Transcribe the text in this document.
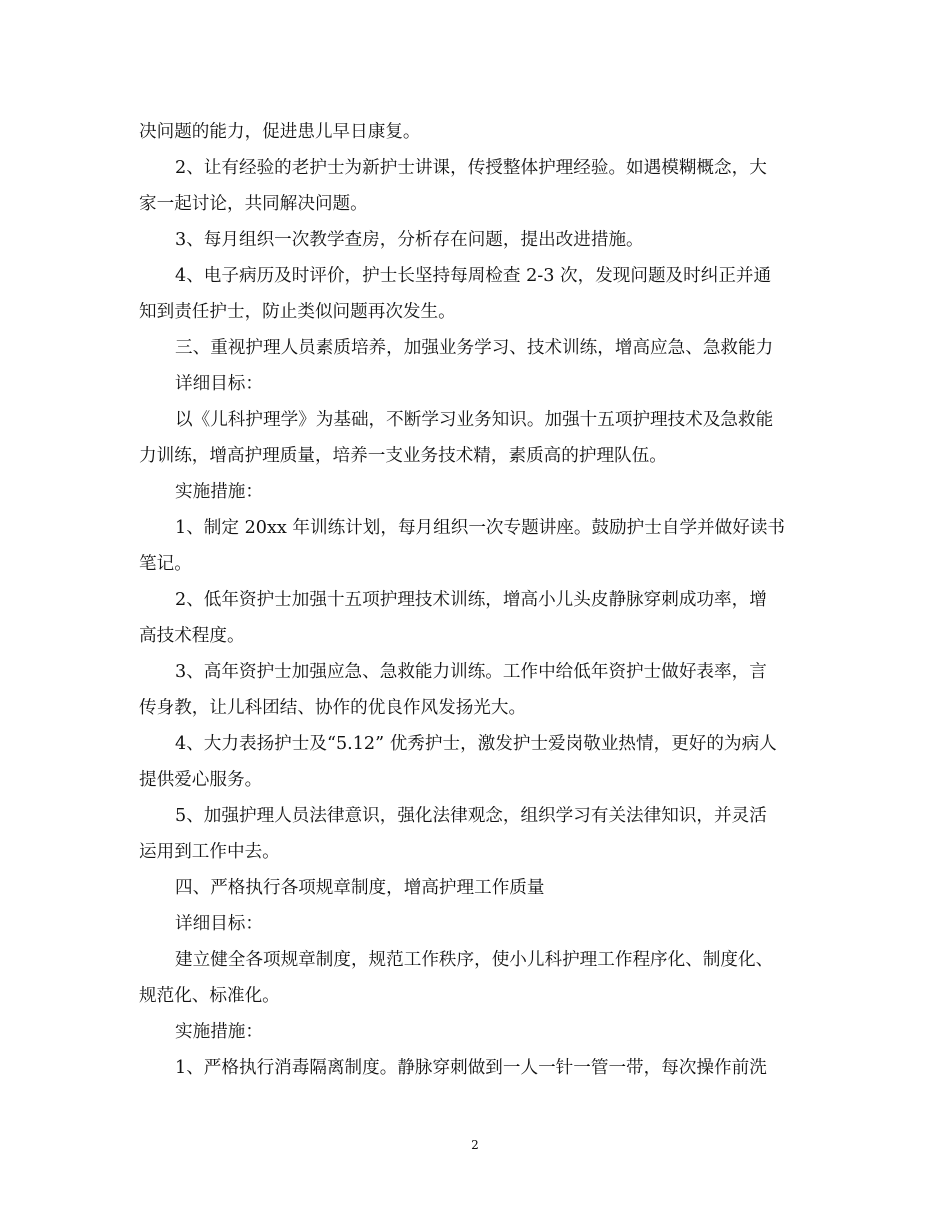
决问题的能力，促进患儿早日康复。
2、让有经验的老护士为新护士讲课，传授整体护理经验。如遇模糊概念，大
家一起讨论，共同解决问题。
3、每月组织一次教学查房，分析存在问题，提出改进措施。
4、电子病历及时评价，护士长坚持每周检查 2-3 次，发现问题及时纠正并通
知到责任护士，防止类似问题再次发生。
三、重视护理人员素质培养，加强业务学习、技术训练，增高应急、急救能力
详细目标：
以《儿科护理学》为基础，不断学习业务知识。加强十五项护理技术及急救能
力训练，增高护理质量，培养一支业务技术精，素质高的护理队伍。
实施措施：
1、制定 20xx 年训练计划，每月组织一次专题讲座。鼓励护士自学并做好读书
笔记。
2、低年资护士加强十五项护理技术训练，增高小儿头皮静脉穿刺成功率，增
高技术程度。
3、高年资护士加强应急、急救能力训练。工作中给低年资护士做好表率，言
传身教，让儿科团结、协作的优良作风发扬光大。
4、大力表扬护士及“5.12” 优秀护士，激发护士爱岗敬业热情，更好的为病人
提供爱心服务。
5、加强护理人员法律意识，强化法律观念，组织学习有关法律知识，并灵活
运用到工作中去。
四、严格执行各项规章制度，增高护理工作质量
详细目标：
建立健全各项规章制度，规范工作秩序，使小儿科护理工作程序化、制度化、
规范化、标准化。
实施措施：
1、严格执行消毒隔离制度。静脉穿刺做到一人一针一管一带，每次操作前洗
2
